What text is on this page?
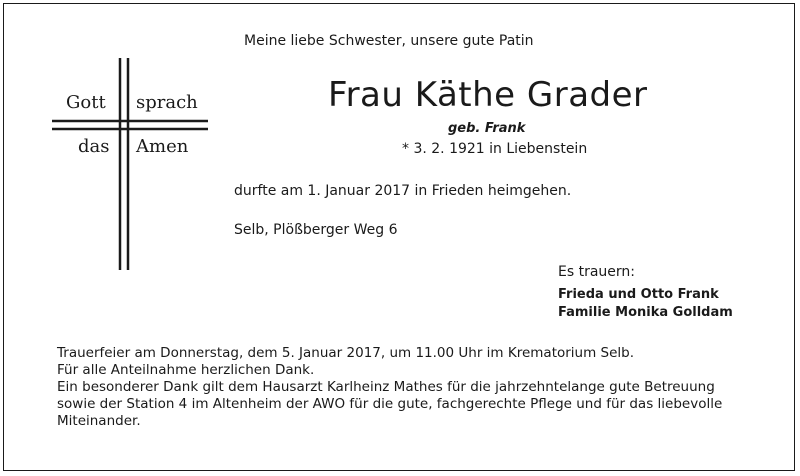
Gott sprach
das Amen
Meine liebe Schwester, unsere gute Patin
Frau Käthe Grader
geb. Frank
* 3. 2. 1921 in Liebenstein
durfte am 1. Januar 2017 in Frieden heimgehen.
Selb, Plößberger Weg 6
Es trauern:
Frieda und Otto Frank
Familie Monika Golldam

Trauerfeier am Donnerstag, dem 5. Januar 2017, um 11.00 Uhr im Krematorium Selb.

Für alle Anteilnahme herzlichen Dank.

Ein besonderer Dank gilt dem Hausarzt Karlheinz Mathes für die jahrzehntelange gute Betreuung sowie der Station 4 im Altenheim der AWO für die gute, fachgerechte Pflege und für das liebevolle Miteinander.
